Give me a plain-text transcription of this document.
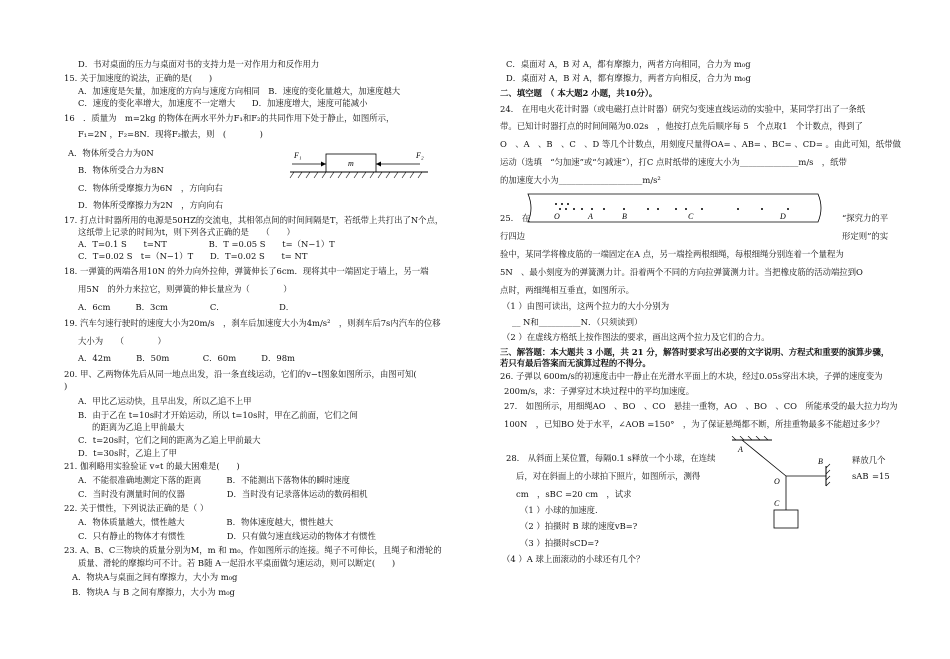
D．书对桌面的压力与桌面对书的支持力是一对作用力和反作用力
15. 关于加速度的说法，正确的是(　　)
A．加速度是矢量，加速度的方向与速度方向相同　B．速度的变化量越大，加速度越大
C．速度的变化率增大，加速度不一定增大　　D．加速度增大，速度可能减小
16　．质量为　m=2kg 的物体在两水平外力F₁和F₂的共同作用下处于静止，如图所示，
F₁=2N ，F₂=8N．现将F₂撤去，则　(　　　　)
A．物体所受合力为0N
B．物体所受合力为8N
C．物体所受摩擦力为6N　，方向向右
D．物体所受摩擦力为2N　，方向向右
F₁	F₂
m
17. 打点计时器所用的电源是50HZ的交流电，其相邻点间的时间间隔是T，若纸带上共打出了N个点，
这纸带上记录的时间为t，则下列各式正确的是　　（　　）
A．T=0.1 S　　t=NT　　　　　B．T =0.05 S　　t=（N−1）T
C．T=0.02 S　t=（N−1）T　　D．T=0.02 S　　t= NT
18. 一弹簧的两端各用10N 的外力向外拉伸，弹簧伸长了6cm．现将其中一端固定于墙上，另一端
用5N　的外力来拉它，则弹簧的伸长量应为（　　　　）
A．6cm　　　B．3cm　　　　　C．　　　　　　　D．
19. 汽车匀速行驶时的速度大小为20m/s　，刹车后加速度大小为4m/s²　，则刹车后7s内汽车的位移
大小为　　（　　　　）
A．42m　　　B．50m　　　　C．60m　　　D．98m
20. 甲、乙两物体先后从同一地点出发，沿一条直线运动，它们的v−t图象如图所示，由图可知(
)
A．甲比乙运动快，且早出发，所以乙追不上甲
B．由于乙在 t=10s时才开始运动，所以 t=10s时，甲在乙前面，它们之间
的距离为乙追上甲前最大
C．t=20s时，它们之间的距离为乙追上甲前最大
D．t=30s时，乙追上了甲
21. 伽利略用实验验证 v∝t 的最大困难是(　　)
A．不能很准确地测定下落的距离　　　B．不能测出下落物体的瞬时速度
C．当时没有测量时间的仪器　　　　　D．当时没有记录落体运动的数码相机
22. 关于惯性，下列说法正确的是（ ）
A．物体质量越大，惯性越大　　　　　B．物体速度越大，惯性越大
C．只有静止的物体才有惯性　　　　　D．只有做匀速直线运动的物体才有惯性
23. A、B、C三物块的质量分别为M，m 和 m₀，作如图所示的连接。绳子不可伸长，且绳子和滑轮的
质量、滑轮的摩擦均可不计。若 B随 A一起沿水平桌面做匀速运动，则可以断定(　　)
A．物块A与桌面之间有摩擦力，大小为 m₀g
B．物块A 与 B 之间有摩擦力，大小为 m₀g
C．桌面对 A，B 对 A，都有摩擦力，两者方向相同，合力为 m₀g
D．桌面对 A，B 对 A，都有摩擦力，两者方向相反，合力为 m₀g
二、填空题　（ 本大题2 小题，共10分）。
24.　在用电火花计时器（或电磁打点计时器）研究匀变速直线运动的实验中，某同学打出了一条纸
带。已知计时器打点的时间间隔为0.02s　，他按打点先后顺序每 5　个点取1　个计数点，得到了
O　、A　、B　、C　、D 等几个计数点，用刻度尺量得OA= 、AB= 、BC= 、CD= 。由此可知，纸带做
运动（选填　“匀加速”或“匀减速”），打C 点时纸带的速度大小为______________m/s　，纸带
的加速度大小为____________________m/s²
O	A	B	C	D
25.　在	“探究力的平
行四边	形定则”的实
验中，某同学将橡皮筋的一端固定在A 点，另一端拴两根细绳，每根细绳分别连着一个量程为
5N　、最小刻度为的弹簧测力计。沿着两个不同的方向拉弹簧测力计。当把橡皮筋的活动端拉到O
点时，两细绳相互垂直，如图所示。
（1 ）由图可读出，这两个拉力的大小分别为
__ N和__________N．（只须读到）
（2 ）在虚线方格纸上按作图法的要求，画出这两个拉力及它们的合力。
三、解答题：本大题共 3 小题，共 21 分，解答时要求写出必要的文字说明、方程式和重要的演算步骤，
若只有最后答案而无演算过程的不得分。
26. 子弹以 600m/s的初速度击中一静止在光滑水平面上的木块，经过0.05s穿出木块，子弹的速度变为
200m/s，求：子弹穿过木块过程中的平均加速度。
27.　如图所示，用细绳AO　、BO　、CO　悬挂一重物，AO　、BO　、CO　所能承受的最大拉力均为
100N　，已知BO 处于水平，∠AOB =150°　，为了保证悬绳都不断，所挂重物最多不能超过多少？
28.　从斜面上某位置，每隔0.1 s释放一个小球，在连续
后，对在斜面上的小球拍下照片，如图所示，测得
cm　，sBC =20 cm　，试求
释放几个
sAB =15
（1 ）小球的加速度.
（2 ）拍摄时 B 球的速度vB=?
（3 ）拍摄时sCD=?
（4 ）A 球上面滚动的小球还有几个？
A
B
O
C
